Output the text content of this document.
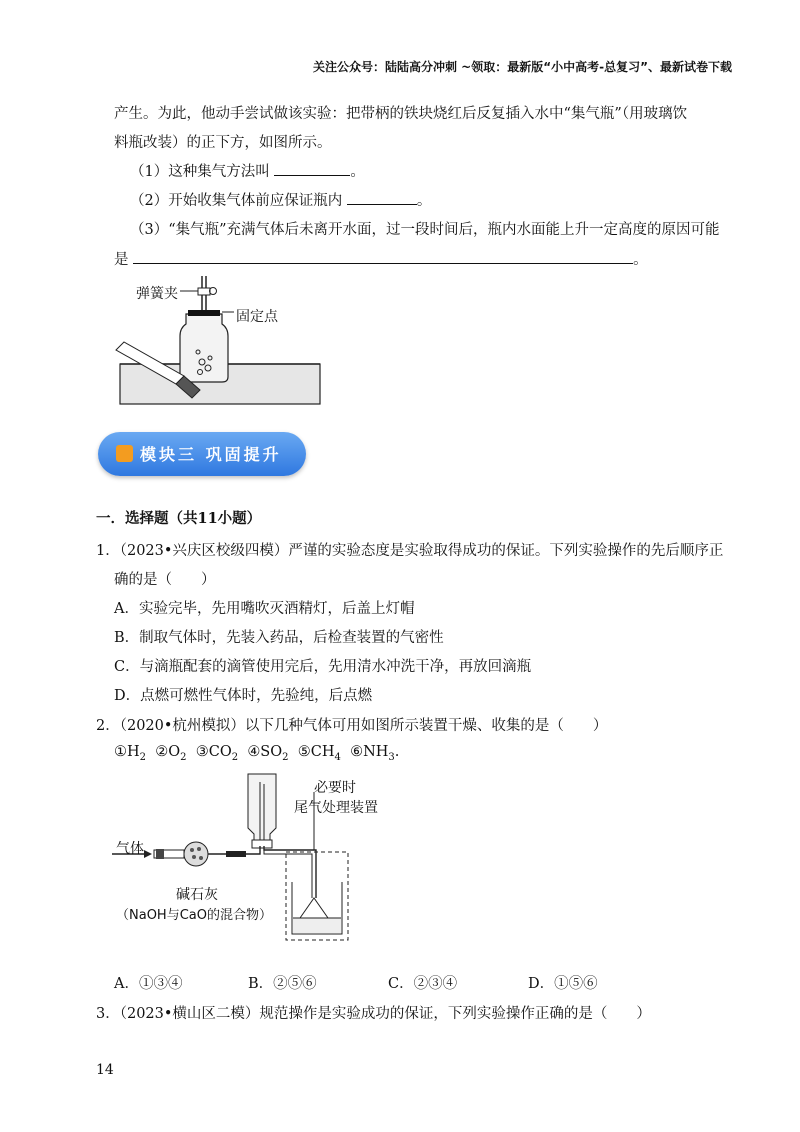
关注公众号：陆陆高分冲刺 ~领取：最新版“小中高考-总复习”、最新试卷下载
产生。为此，他动手尝试做该实验：把带柄的铁块烧红后反复插入水中“集气瓶”（用玻璃饮
料瓶改装）的正下方，如图所示。
（1）这种集气方法叫	。
（2）开始收集气体前应保证瓶内	。
（3）“集气瓶”充满气体后未离开水面，过一段时间后，瓶内水面能上升一定高度的原因可能
是	。
弹簧夹
固定点
模块三 巩固提升
一．选择题（共11小题）
1．（2023•兴庆区校级四模）严谨的实验态度是实验取得成功的保证。下列实验操作的先后顺序正
确的是（　　）
A．实验完毕，先用嘴吹灭酒精灯，后盖上灯帽
B．制取气体时，先装入药品，后检查装置的气密性
C．与滴瓶配套的滴管使用完后，先用清水冲洗干净，再放回滴瓶
D．点燃可燃性气体时，先验纯，后点燃
2．（2020•杭州模拟）以下几种气体可用如图所示装置干燥、收集的是（　　）
$①H_2$ $②O_2$ $③CO_2$ $④SO_2$ $⑤CH_4$ $⑥NH_3$.
气体
碱石灰
（NaOH与CaO的混合物）
必要时
尾气处理装置
A．①③④	B．②⑤⑥	C．②③④	D．①⑤⑥
3．（2023•横山区二模）规范操作是实验成功的保证，下列实验操作正确的是（　　）
14
